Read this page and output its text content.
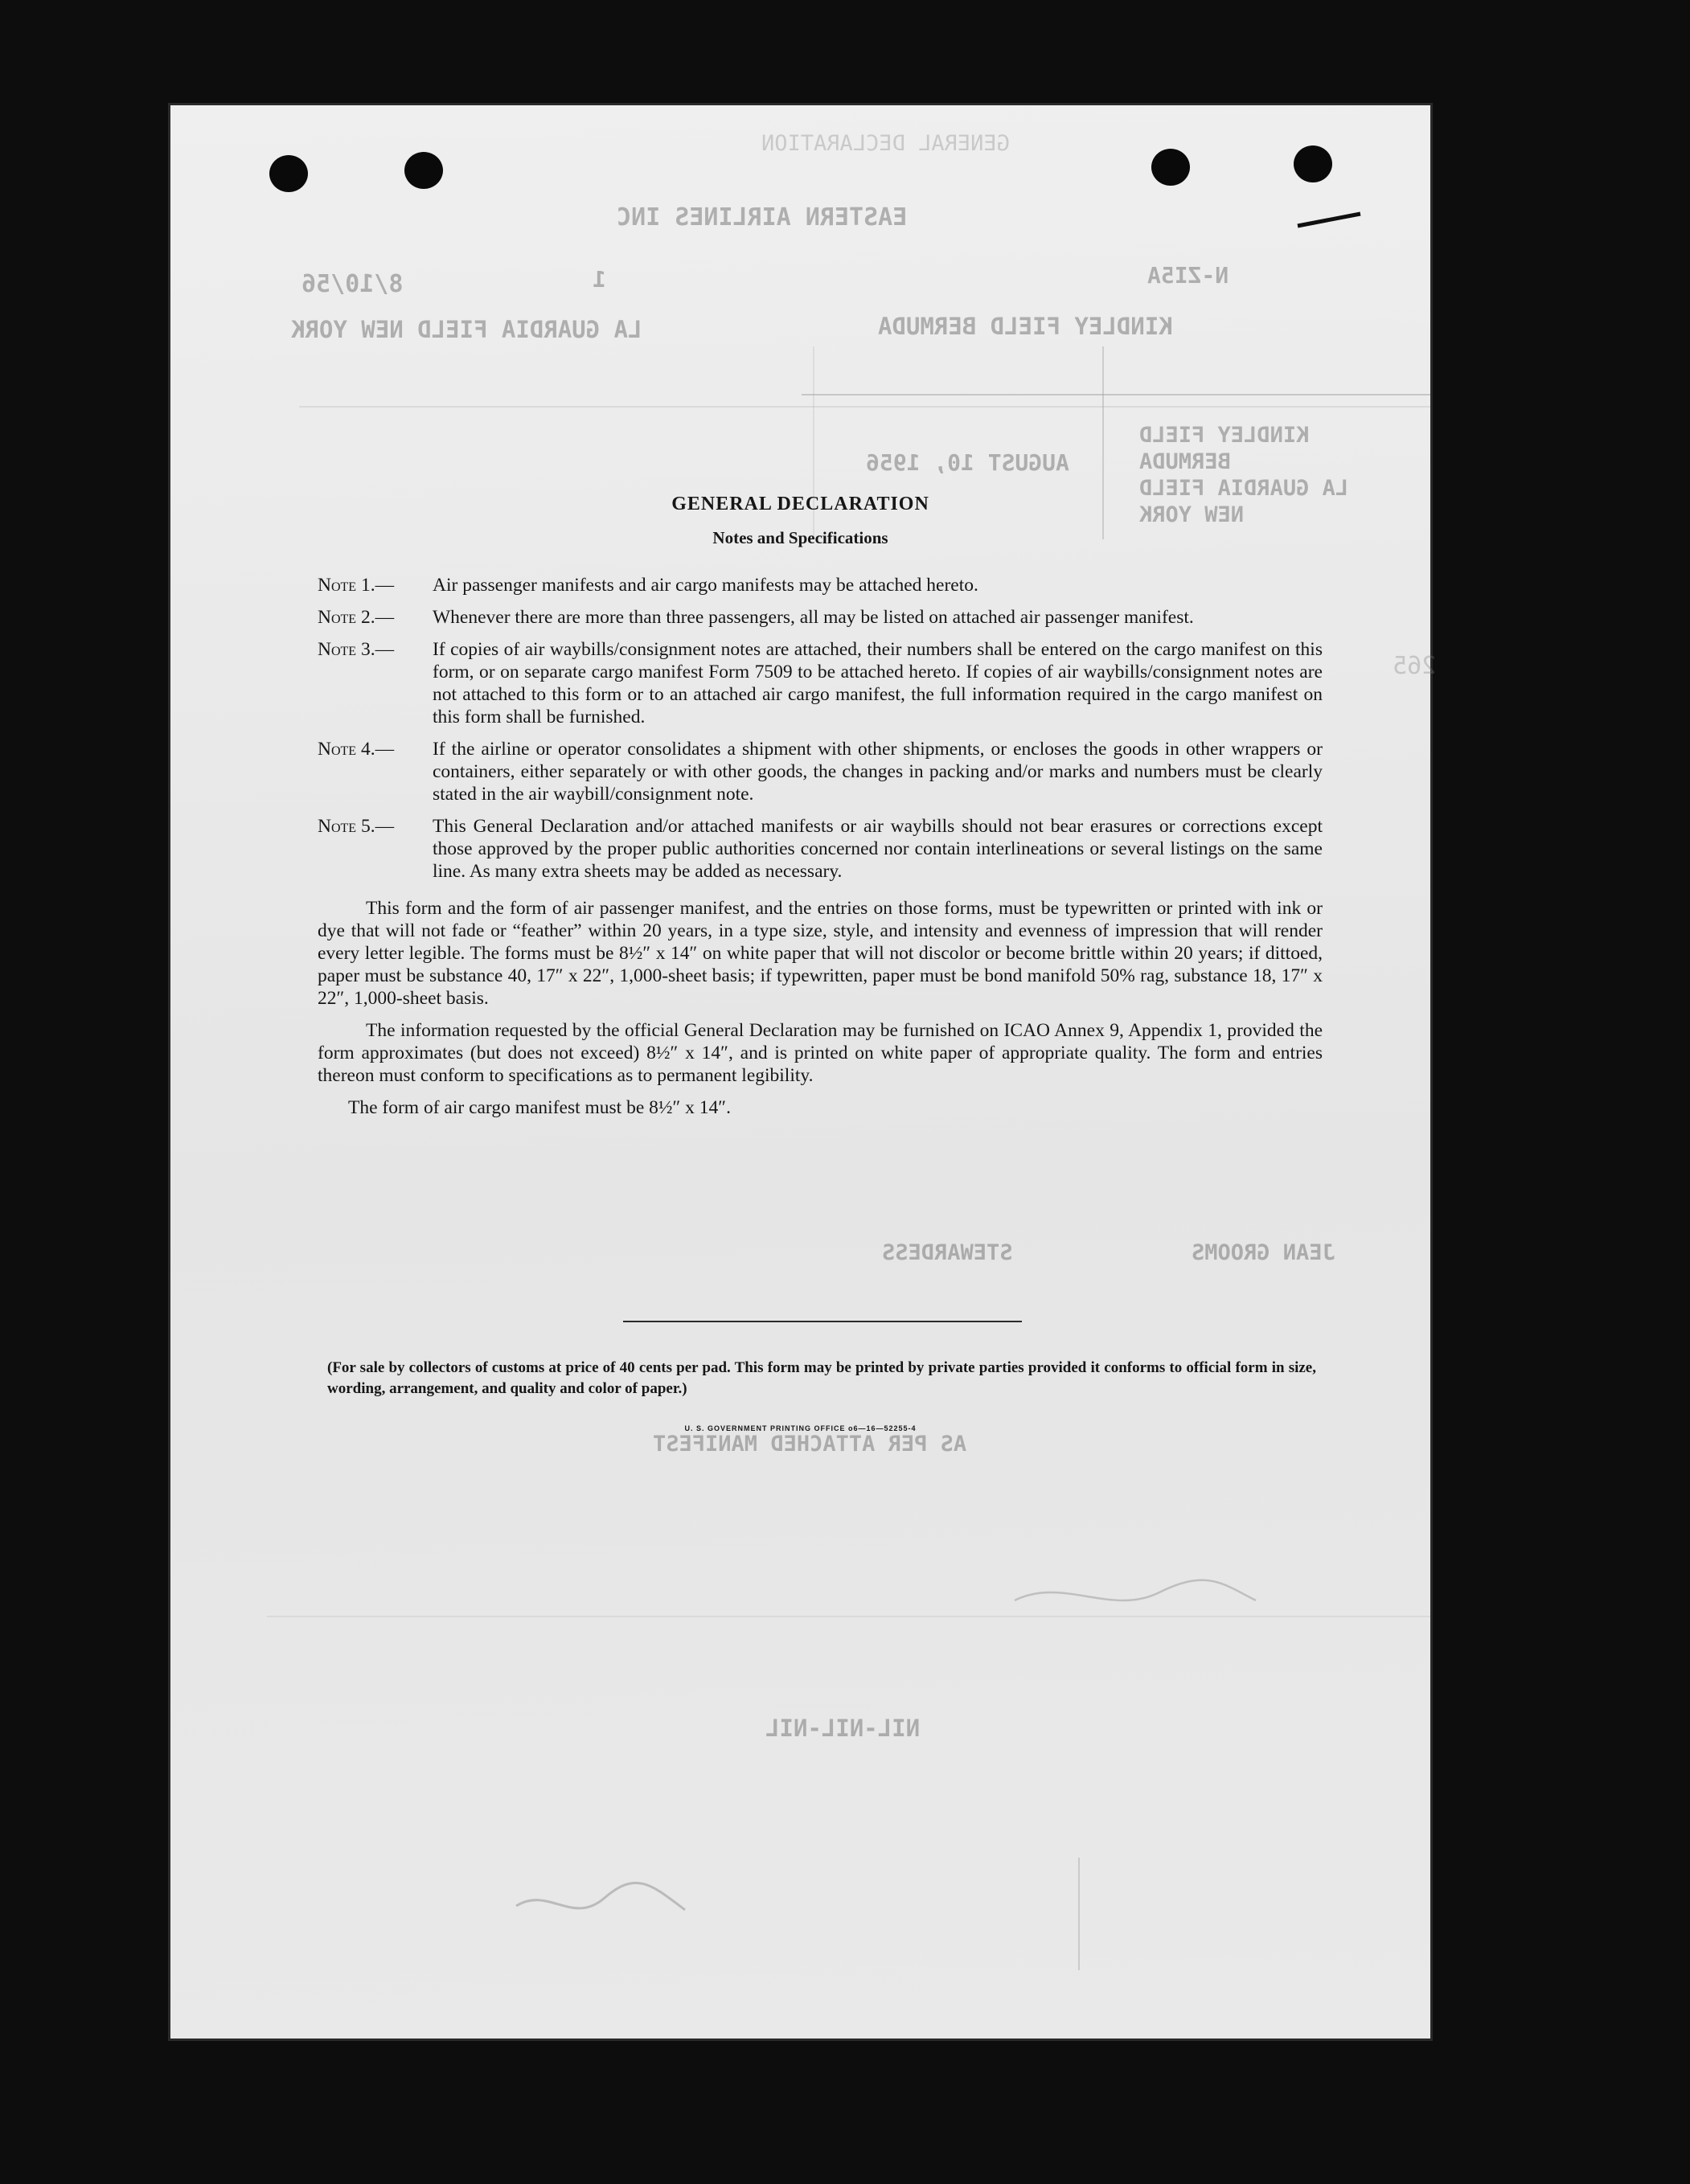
GENERAL DECLARATION
EASTERN AIRLINES INC
N-ZI5A
1
8/10/56
KINDLEY FIELD BERMUDA
LA GUARDIA FIELD NEW YORK
AUGUST 10, 1956
KINDLEY FIELD
BERMUDA
LA GUARDIA FIELD
NEW YORK
265
STEWARDESS	JEAN GROOMS
AS PER ATTACHED MANIFEST
NIL-NIL-NIL
GENERAL DECLARATION
Notes and Specifications
Note 1.— Air passenger manifests and air cargo manifests may be attached hereto.
Note 2.— Whenever there are more than three passengers, all may be listed on attached air passenger manifest.
Note 3.— If copies of air waybills/consignment notes are attached, their numbers shall be entered on the cargo manifest on this form, or on separate cargo manifest Form 7509 to be attached hereto. If copies of air waybills/consignment notes are not attached to this form or to an attached air cargo manifest, the full information required in the cargo manifest on this form shall be furnished.
Note 4.— If the airline or operator consolidates a shipment with other shipments, or encloses the goods in other wrappers or containers, either separately or with other goods, the changes in packing and/or marks and numbers must be clearly stated in the air waybill/consignment note.
Note 5.— This General Declaration and/or attached manifests or air waybills should not bear erasures or corrections except those approved by the proper public authorities concerned nor contain interlineations or several listings on the same line. As many extra sheets may be added as necessary.

This form and the form of air passenger manifest, and the entries on those forms, must be typewritten or printed with ink or dye that will not fade or “feather” within 20 years, in a type size, style, and intensity and evenness of impression that will render every letter legible. The forms must be 8½″ x 14″ on white paper that will not discolor or become brittle within 20 years; if dittoed, paper must be substance 40, 17″ x 22″, 1,000-sheet basis; if typewritten, paper must be bond manifold 50% rag, substance 18, 17″ x 22″, 1,000-sheet basis.

The information requested by the official General Declaration may be furnished on ICAO Annex 9, Appendix 1, provided the form approximates (but does not exceed) 8½″ x 14″, and is printed on white paper of appropriate quality. The form and entries thereon must conform to specifications as to permanent legibility.

The form of air cargo manifest must be 8½″ x 14″.

(For sale by collectors of customs at price of 40 cents per pad. This form may be printed by private parties provided it conforms to official form in size, wording, arrangement, and quality and color of paper.)
U. S. GOVERNMENT PRINTING OFFICE o6—16—52255-4
